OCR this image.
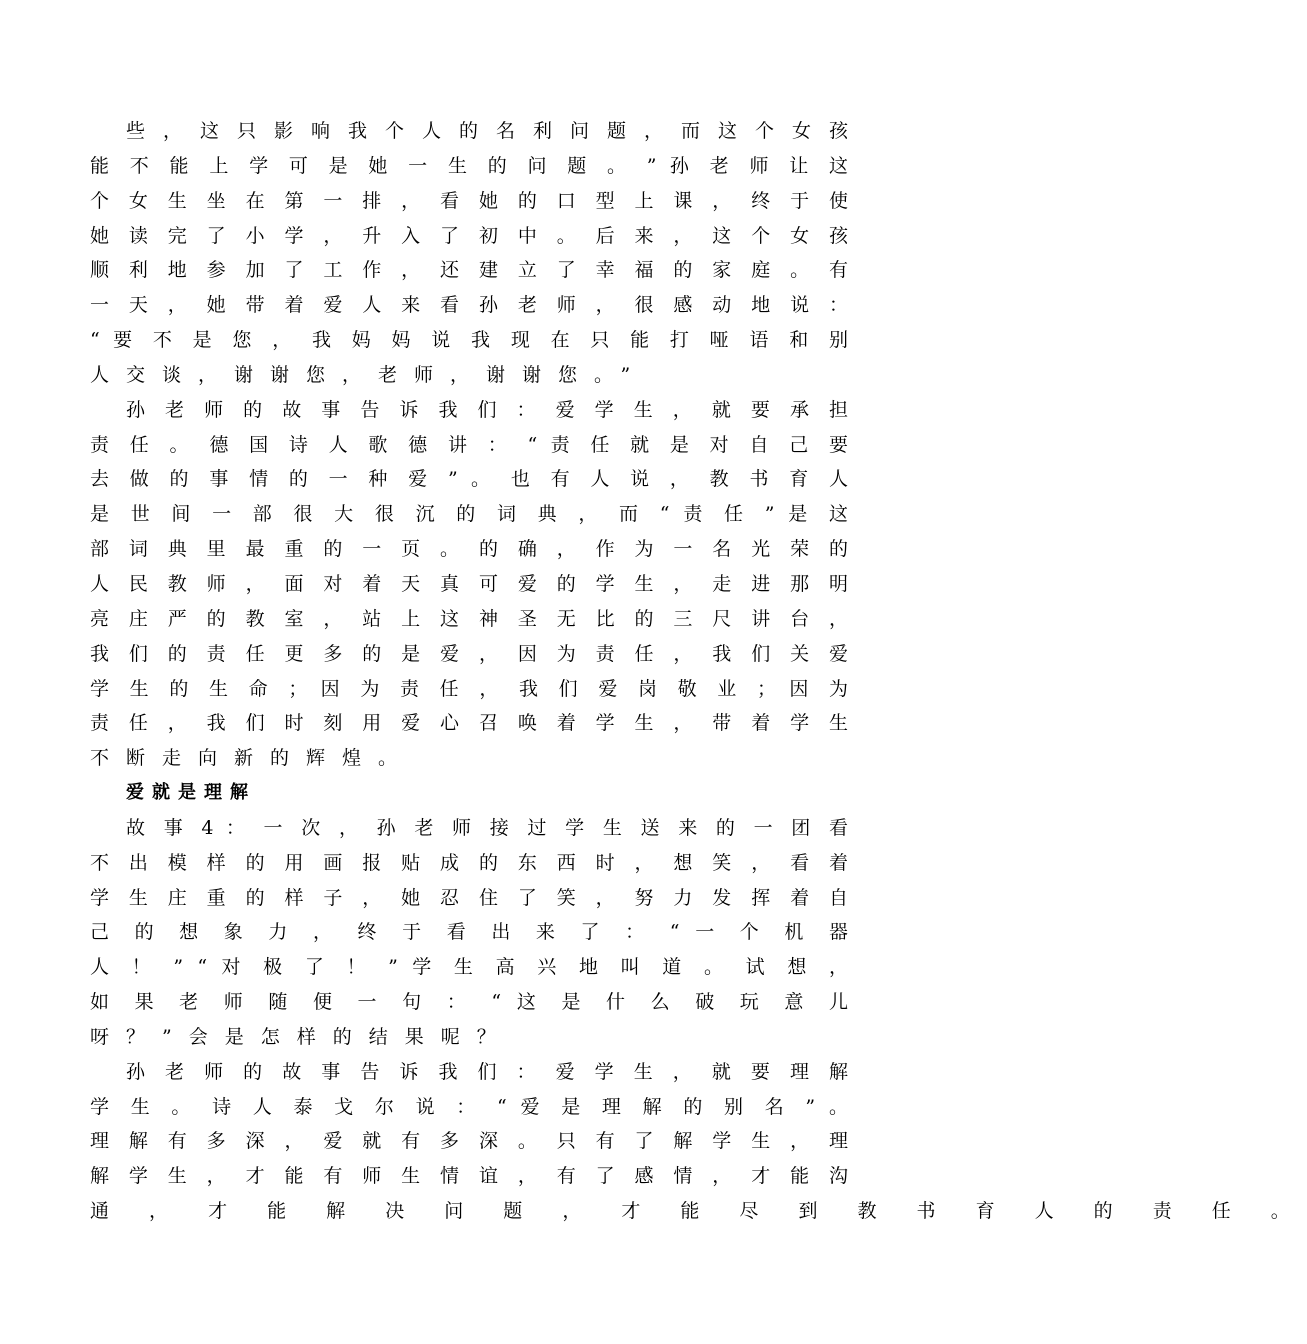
些 ， 这 只 影 响 我 个 人 的 名 利 问 题 ， 而 这 个 女 孩
能 不 能 上 学 可 是 她 一 生 的 问 题 。 ” 孙 老 师 让 这
个 女 生 坐 在 第 一 排 ， 看 她 的 口 型 上 课 ， 终 于 使
她 读 完 了 小 学 ， 升 入 了 初 中 。 后 来 ， 这 个 女 孩
顺 利 地 参 加 了 工 作 ， 还 建 立 了 幸 福 的 家 庭 。 有
一 天 ， 她 带 着 爱 人 来 看 孙 老 师 ， 很 感 动 地 说 ：
“ 要 不 是 您 ， 我 妈 妈 说 我 现 在 只 能 打 哑 语 和 别
人交谈，谢谢您，老师，谢谢您。”
孙 老 师 的 故 事 告 诉 我 们 ： 爱 学 生 ， 就 要 承 担
责 任 。 德 国 诗 人 歌 德 讲 ： “ 责 任 就 是 对 自 己 要
去 做 的 事 情 的 一 种 爱 ” 。 也 有 人 说 ， 教 书 育 人
是 世 间 一 部 很 大 很 沉 的 词 典 ， 而 “ 责 任 ” 是 这
部 词 典 里 最 重 的 一 页 。 的 确 ， 作 为 一 名 光 荣 的
人 民 教 师 ， 面 对 着 天 真 可 爱 的 学 生 ， 走 进 那 明
亮 庄 严 的 教 室 ， 站 上 这 神 圣 无 比 的 三 尺 讲 台 ，
我 们 的 责 任 更 多 的 是 爱 ， 因 为 责 任 ， 我 们 关 爱
学 生 的 生 命 ； 因 为 责 任 ， 我 们 爱 岗 敬 业 ； 因 为
责 任 ， 我 们 时 刻 用 爱 心 召 唤 着 学 生 ， 带 着 学 生
不断走向新的辉煌。
爱就是理解
故 事 4 ： 一 次 ， 孙 老 师 接 过 学 生 送 来 的 一 团 看
不 出 模 样 的 用 画 报 贴 成 的 东 西 时 ， 想 笑 ， 看 着
学 生 庄 重 的 样 子 ， 她 忍 住 了 笑 ， 努 力 发 挥 着 自
己 的 想 象 力 ， 终 于 看 出 来 了 ： “ 一 个 机 器
人 ！ ” “ 对 极 了 ！ ” 学 生 高 兴 地 叫 道 。 试 想 ，
如 果 老 师 随 便 一 句 ： “ 这 是 什 么 破 玩 意 儿
呀？”会是怎样的结果呢？
孙 老 师 的 故 事 告 诉 我 们 ： 爱 学 生 ， 就 要 理 解
学 生 。 诗 人 泰 戈 尔 说 ： “ 爱 是 理 解 的 别 名 ” 。
理 解 有 多 深 ， 爱 就 有 多 深 。 只 有 了 解 学 生 ， 理
解 学 生 ， 才 能 有 师 生 情 谊 ， 有 了 感 情 ， 才 能 沟
通 ， 才 能 解 决 问 题 ， 才 能 尽 到 教 书 育 人 的 责 任 。
